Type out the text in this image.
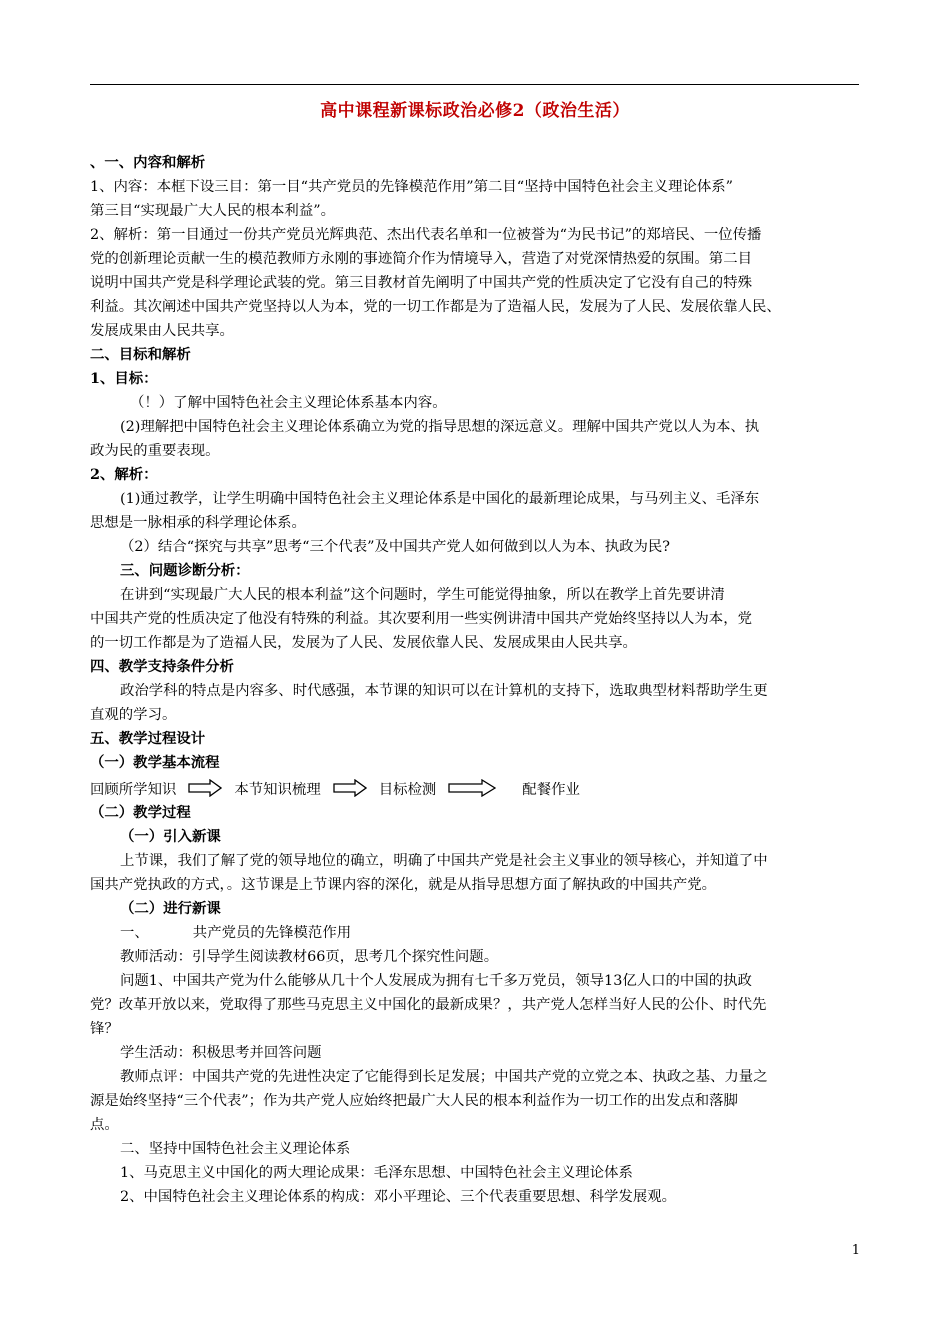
高中课程新课标政治必修2（政治生活）
、一、内容和解析
1、内容：本框下设三目：第一目“共产党员的先锋模范作用”第二目“坚持中国特色社会主义理论体系”
第三目“实现最广大人民的根本利益”。
2、解析：第一目通过一份共产党员光辉典范、杰出代表名单和一位被誉为“为民书记”的郑培民、一位传播
党的创新理论贡献一生的模范教师方永刚的事迹简介作为情境导入，营造了对党深情热爱的氛围。第二目
说明中国共产党是科学理论武装的党。第三目教材首先阐明了中国共产党的性质决定了它没有自己的特殊
利益。其次阐述中国共产党坚持以人为本，党的一切工作都是为了造福人民，发展为了人民、发展依靠人民、
发展成果由人民共享。
二、目标和解析
1、目标：
（！）了解中国特色社会主义理论体系基本内容。
(2)理解把中国特色社会主义理论体系确立为党的指导思想的深远意义。理解中国共产党以人为本、执
政为民的重要表现。
2、解析：
(1)通过教学，让学生明确中国特色社会主义理论体系是中国化的最新理论成果，与马列主义、毛泽东
思想是一脉相承的科学理论体系。
（2）结合“探究与共享”思考“三个代表”及中国共产党人如何做到以人为本、执政为民?
三、问题诊断分析：
在讲到“实现最广大人民的根本利益”这个问题时，学生可能觉得抽象，所以在教学上首先要讲清
中国共产党的性质决定了他没有特殊的利益。其次要利用一些实例讲清中国共产党始终坚持以人为本，党
的一切工作都是为了造福人民，发展为了人民、发展依靠人民、发展成果由人民共享。
四、教学支持条件分析
政治学科的特点是内容多、时代感强，本节课的知识可以在计算机的支持下，选取典型材料帮助学生更
直观的学习。
五、教学过程设计
（一）教学基本流程
回顾所学知识	本节知识梳理	目标检测	配餐作业
（二）教学过程
（一）引入新课
上节课，我们了解了党的领导地位的确立，明确了中国共产党是社会主义事业的领导核心，并知道了中
国共产党执政的方式，。这节课是上节课内容的深化，就是从指导思想方面了解执政的中国共产党。
（二）进行新课
一、	共产党员的先锋模范作用
教师活动：引导学生阅读教材66页，思考几个探究性问题。
问题1、中国共产党为什么能够从几十个人发展成为拥有七千多万党员，领导13亿人口的中国的执政
党？改革开放以来，党取得了那些马克思主义中国化的最新成果？，共产党人怎样当好人民的公仆、时代先
锋？
学生活动：积极思考并回答问题
教师点评：中国共产党的先进性决定了它能得到长足发展；中国共产党的立党之本、执政之基、力量之
源是始终坚持“三个代表”；作为共产党人应始终把最广大人民的根本利益作为一切工作的出发点和落脚
点。
二、坚持中国特色社会主义理论体系
1、马克思主义中国化的两大理论成果：毛泽东思想、中国特色社会主义理论体系
2、中国特色社会主义理论体系的构成：邓小平理论、三个代表重要思想、科学发展观。
1
